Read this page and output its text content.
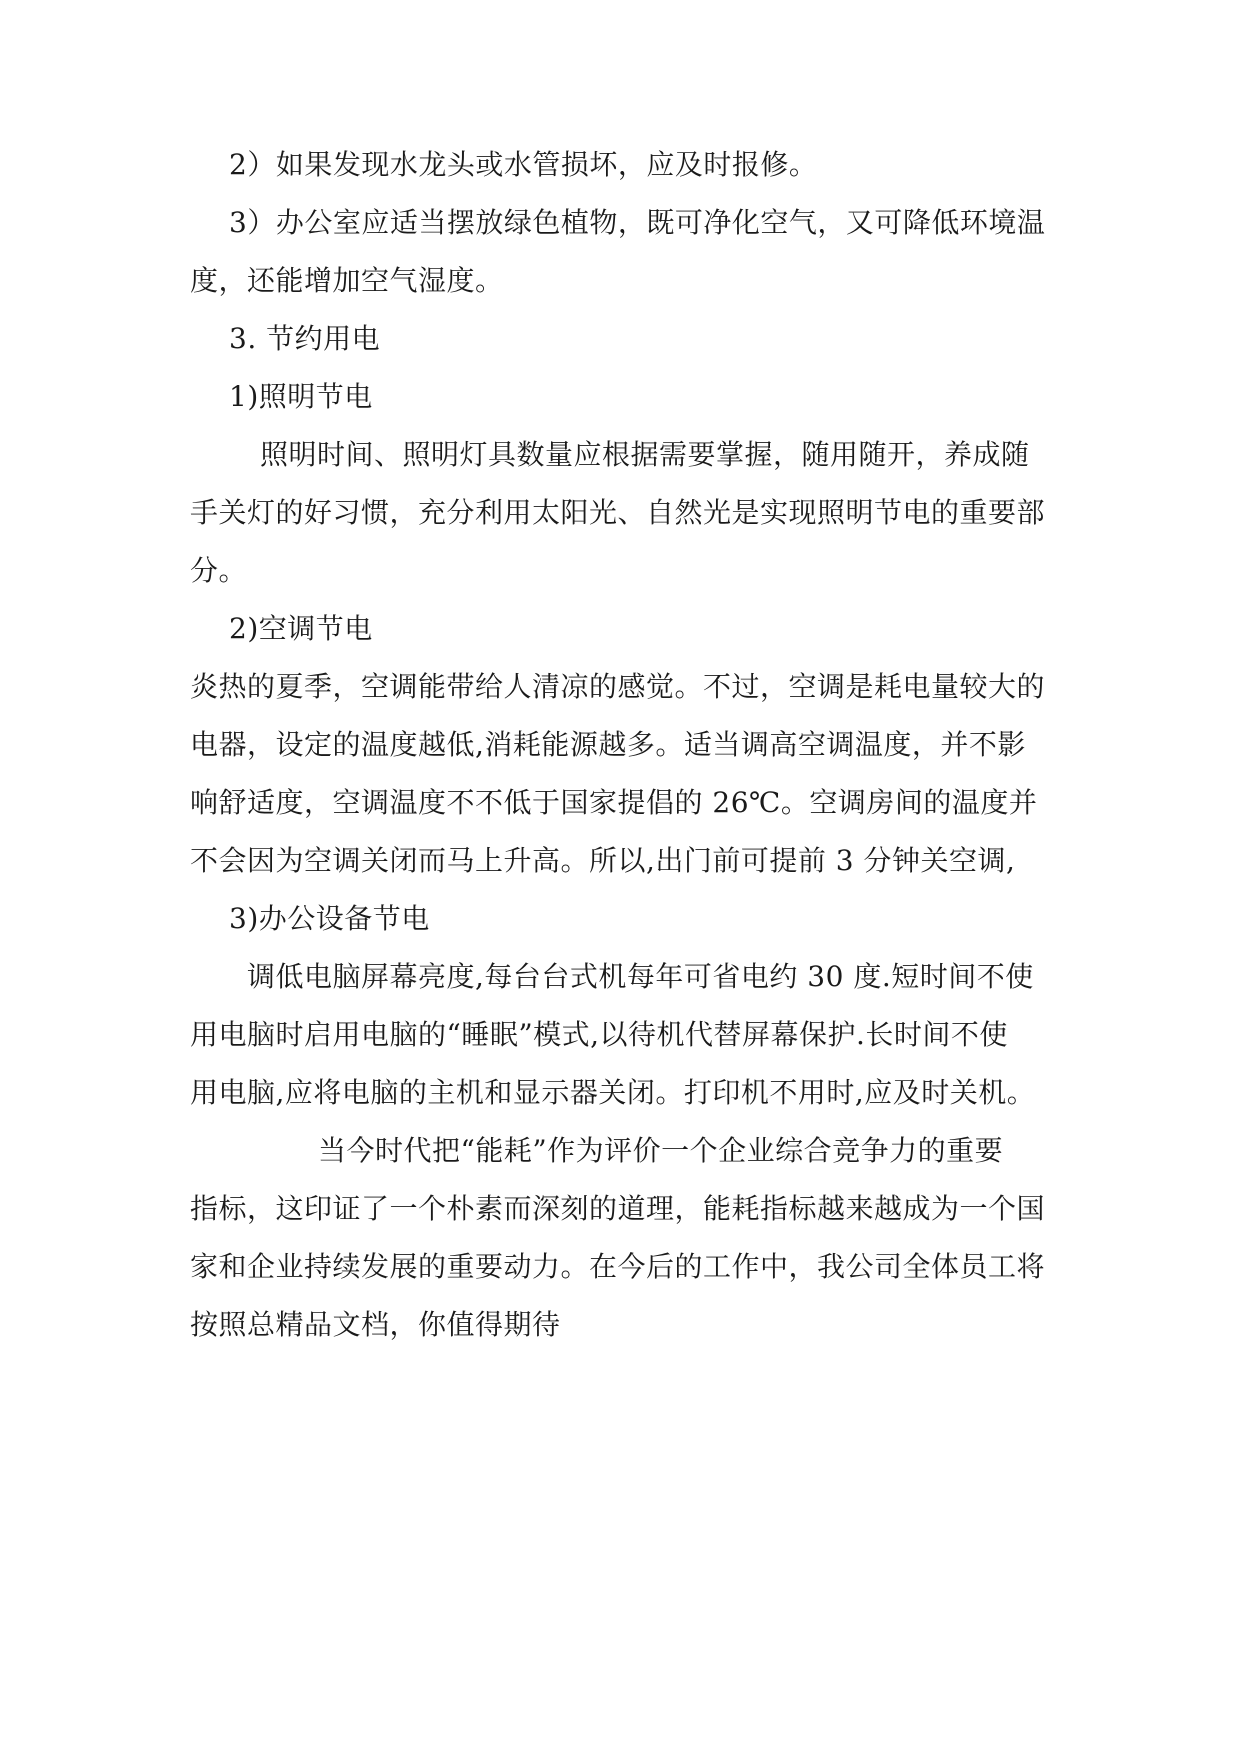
2）如果发现水龙头或水管损坏，应及时报修。
3）办公室应适当摆放绿色植物，既可净化空气，又可降低环境温
度，还能增加空气湿度。
3. 节约用电
1)照明节电
照明时间、照明灯具数量应根据需要掌握，随用随开，养成随
手关灯的好习惯，充分利用太阳光、自然光是实现照明节电的重要部
分。
2)空调节电
炎热的夏季，空调能带给人清凉的感觉。不过，空调是耗电量较大的
电器，设定的温度越低,消耗能源越多。适当调高空调温度，并不影
响舒适度，空调温度不不低于国家提倡的 26℃。空调房间的温度并
不会因为空调关闭而马上升高。所以,出门前可提前 3 分钟关空调,
3)办公设备节电
调低电脑屏幕亮度,每台台式机每年可省电约 30 度.短时间不使
用电脑时启用电脑的“睡眠”模式,以待机代替屏幕保护.长时间不使
用电脑,应将电脑的主机和显示器关闭。打印机不用时,应及时关机。
当今时代把“能耗”作为评价一个企业综合竞争力的重要
指标，这印证了一个朴素而深刻的道理，能耗指标越来越成为一个国
家和企业持续发展的重要动力。在今后的工作中，我公司全体员工将
按照总精品文档，你值得期待
